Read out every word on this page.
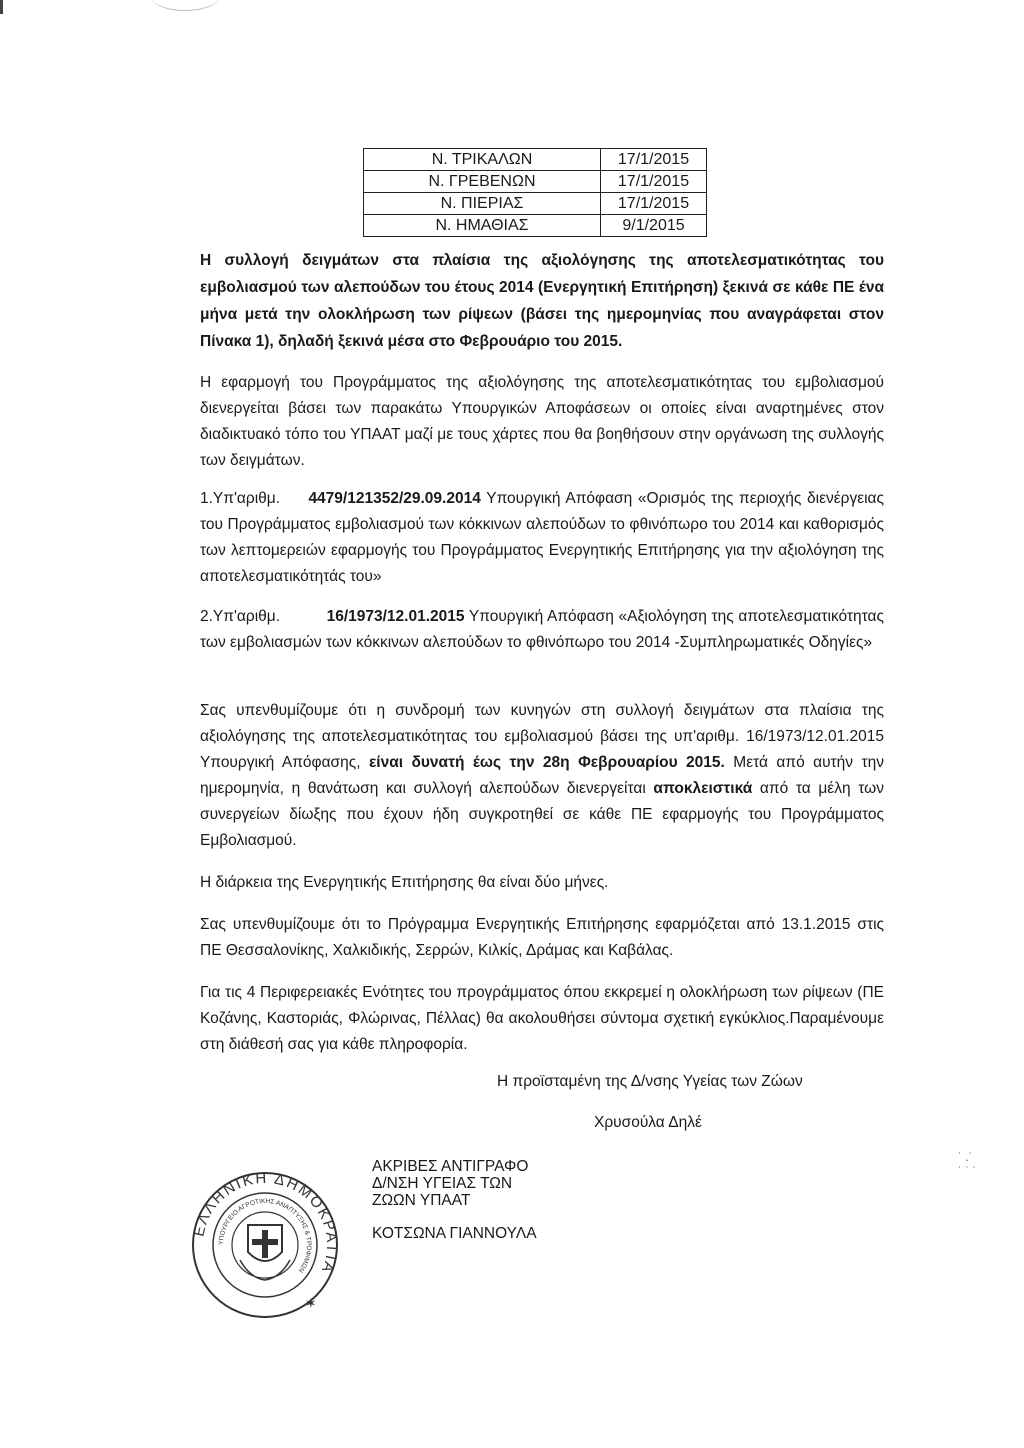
Ν. ΤΡΙΚΑΛΩΝ	17/1/2015
Ν. ΓΡΕΒΕΝΩΝ	17/1/2015
Ν. ΠΙΕΡΙΑΣ	17/1/2015
Ν. ΗΜΑΘΙΑΣ	9/1/2015
Η συλλογή δειγμάτων στα πλαίσια της αξιολόγησης της αποτελεσματικότητας του εμβολιασμού των αλεπούδων του έτους 2014 (Ενεργητική Επιτήρηση) ξεκινά σε κάθε ΠΕ ένα μήνα μετά την ολοκλήρωση των ρίψεων (βάσει της ημερομηνίας που αναγράφεται στον Πίνακα 1), δηλαδή ξεκινά μέσα στο Φεβρουάριο του 2015.
Η εφαρμογή του Προγράμματος της αξιολόγησης της αποτελεσματικότητας του εμβολιασμού διενεργείται βάσει των παρακάτω Υπουργικών Αποφάσεων οι οποίες είναι αναρτημένες στον διαδικτυακό τόπο του ΥΠΑΑΤ μαζί με τους χάρτες που θα βοηθήσουν στην οργάνωση της συλλογής των δειγμάτων.
1.Υπ'αριθμ. 4479/121352/29.09.2014 Υπουργική Απόφαση «Ορισμός της περιοχής διενέργειας του Προγράμματος εμβολιασμού των κόκκινων αλεπούδων το φθινόπωρο του 2014 και καθορισμός των λεπτομερειών εφαρμογής του Προγράμματος Ενεργητικής Επιτήρησης για την αξιολόγηση της αποτελεσματικότητάς του»
2.Υπ'αριθμ.	16/1973/12.01.2015 Υπουργική Απόφαση «Αξιολόγηση της αποτελεσματικότητας των εμβολιασμών των κόκκινων αλεπούδων το φθινόπωρο του 2014 -Συμπληρωματικές Οδηγίες»
Σας υπενθυμίζουμε ότι η συνδρομή των κυνηγών στη συλλογή δειγμάτων στα πλαίσια της αξιολόγησης της αποτελεσματικότητας του εμβολιασμού βάσει της υπ'αριθμ. 16/1973/12.01.2015 Υπουργική Απόφασης, είναι δυνατή έως την 28η Φεβρουαρίου 2015. Μετά από αυτήν την ημερομηνία, η θανάτωση και συλλογή αλεπούδων διενεργείται αποκλειστικά από τα μέλη των συνεργείων δίωξης που έχουν ήδη συγκροτηθεί σε κάθε ΠΕ εφαρμογής του Προγράμματος Εμβολιασμού.
Η διάρκεια της Ενεργητικής Επιτήρησης θα είναι δύο μήνες.
Σας υπενθυμίζουμε ότι το Πρόγραμμα Ενεργητικής Επιτήρησης εφαρμόζεται από 13.1.2015 στις ΠΕ Θεσσαλονίκης, Χαλκιδικής, Σερρών, Κιλκίς, Δράμας και Καβάλας.
Για τις 4 Περιφερειακές Ενότητες του προγράμματος όπου εκκρεμεί η ολοκλήρωση των ρίψεων (ΠΕ Κοζάνης, Καστοριάς, Φλώρινας, Πέλλας) θα ακολουθήσει σύντομα σχετική εγκύκλιος.Παραμένουμε στη διάθεσή σας για κάθε πληροφορία.
Η προϊσταμένη της Δ/νσης Υγείας των Ζώων
Χρυσούλα Δηλέ
ΑΚΡΙΒΕΣ ΑΝΤΙΓΡΑΦΟ
Δ/ΝΣΗ ΥΓΕΙΑΣ ΤΩΝ
ΖΩΩΝ ΥΠΑΑΤ
ΚΟΤΣΩΝΑ ΓΙΑΝΝΟΥΛΑ
ΕΛΛΗΝΙΚΗ ΔΗΜΟΚΡΑΤΙΑ
ΥΠΟΥΡΓΕΙΟ ΑΓΡΟΤΙΚΗΣ ΑΝΑΠΤΥΞΗΣ & ΤΡΟΦΙΜΩΝ
✶
˙ .˙
˙ ˙ ˙
